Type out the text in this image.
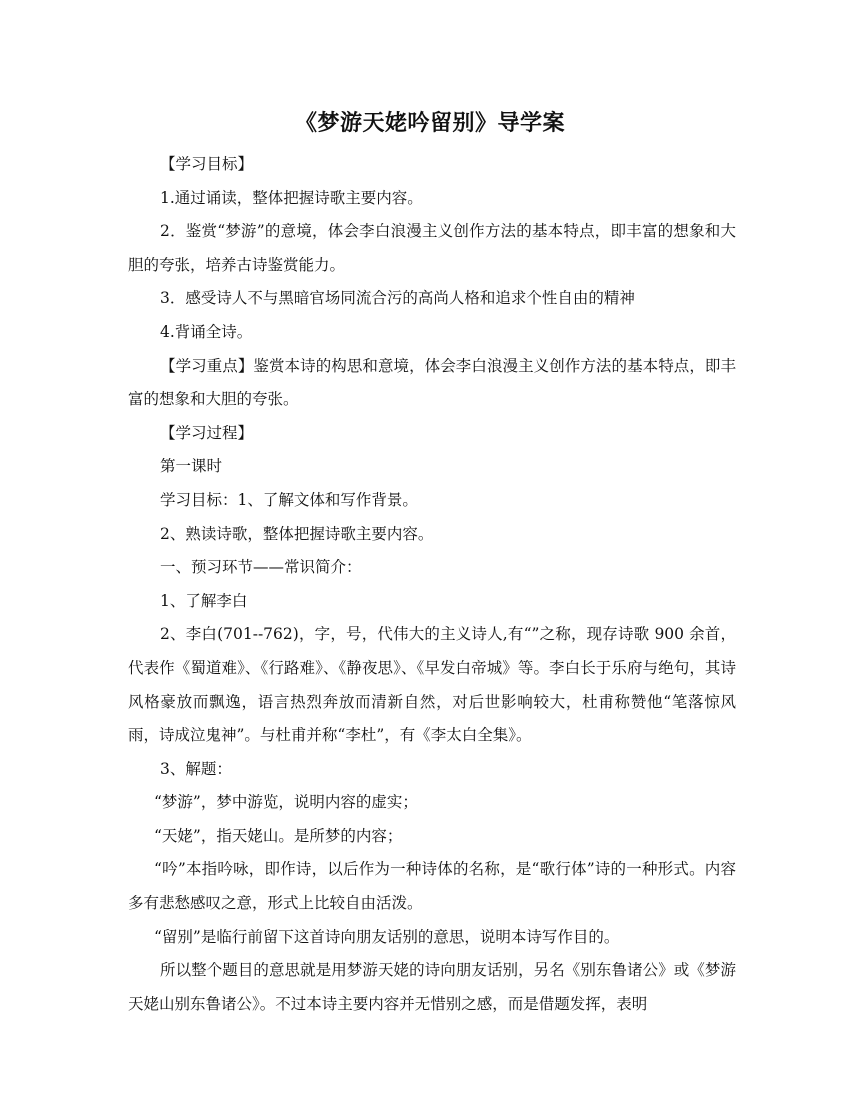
《梦游天姥吟留别》导学案

【学习目标】

1.通过诵读，整体把握诗歌主要内容。

2．鉴赏“梦游”的意境，体会李白浪漫主义创作方法的基本特点，即丰富的想象和大胆的夸张，培养古诗鉴赏能力。

3．感受诗人不与黑暗官场同流合污的高尚人格和追求个性自由的精神

4.背诵全诗。

【学习重点】鉴赏本诗的构思和意境，体会李白浪漫主义创作方法的基本特点，即丰富的想象和大胆的夸张。

【学习过程】

第一课时

学习目标：1、了解文体和写作背景。

2、熟读诗歌，整体把握诗歌主要内容。

一、预习环节——常识简介：

1、了解李白

2、李白(701--762)，字，号，代伟大的主义诗人,有“”之称，现存诗歌 900 余首，代表作《蜀道难》、《行路难》、《静夜思》、《早发白帝城》等。李白长于乐府与绝句，其诗风格豪放而飘逸，语言热烈奔放而清新自然，对后世影响较大，杜甫称赞他“笔落惊风雨，诗成泣鬼神”。与杜甫并称“李杜”，有《李太白全集》。

3、解题：

“梦游”，梦中游览，说明内容的虚实；

“天姥”，指天姥山。是所梦的内容；

“吟”本指吟咏，即作诗，以后作为一种诗体的名称，是“歌行体”诗的一种形式。内容多有悲愁感叹之意，形式上比较自由活泼。

“留别”是临行前留下这首诗向朋友话别的意思，说明本诗写作目的。

所以整个题目的意思就是用梦游天姥的诗向朋友话别，另名《别东鲁诸公》或《梦游天姥山别东鲁诸公》。不过本诗主要内容并无惜别之感，而是借题发挥，表明
